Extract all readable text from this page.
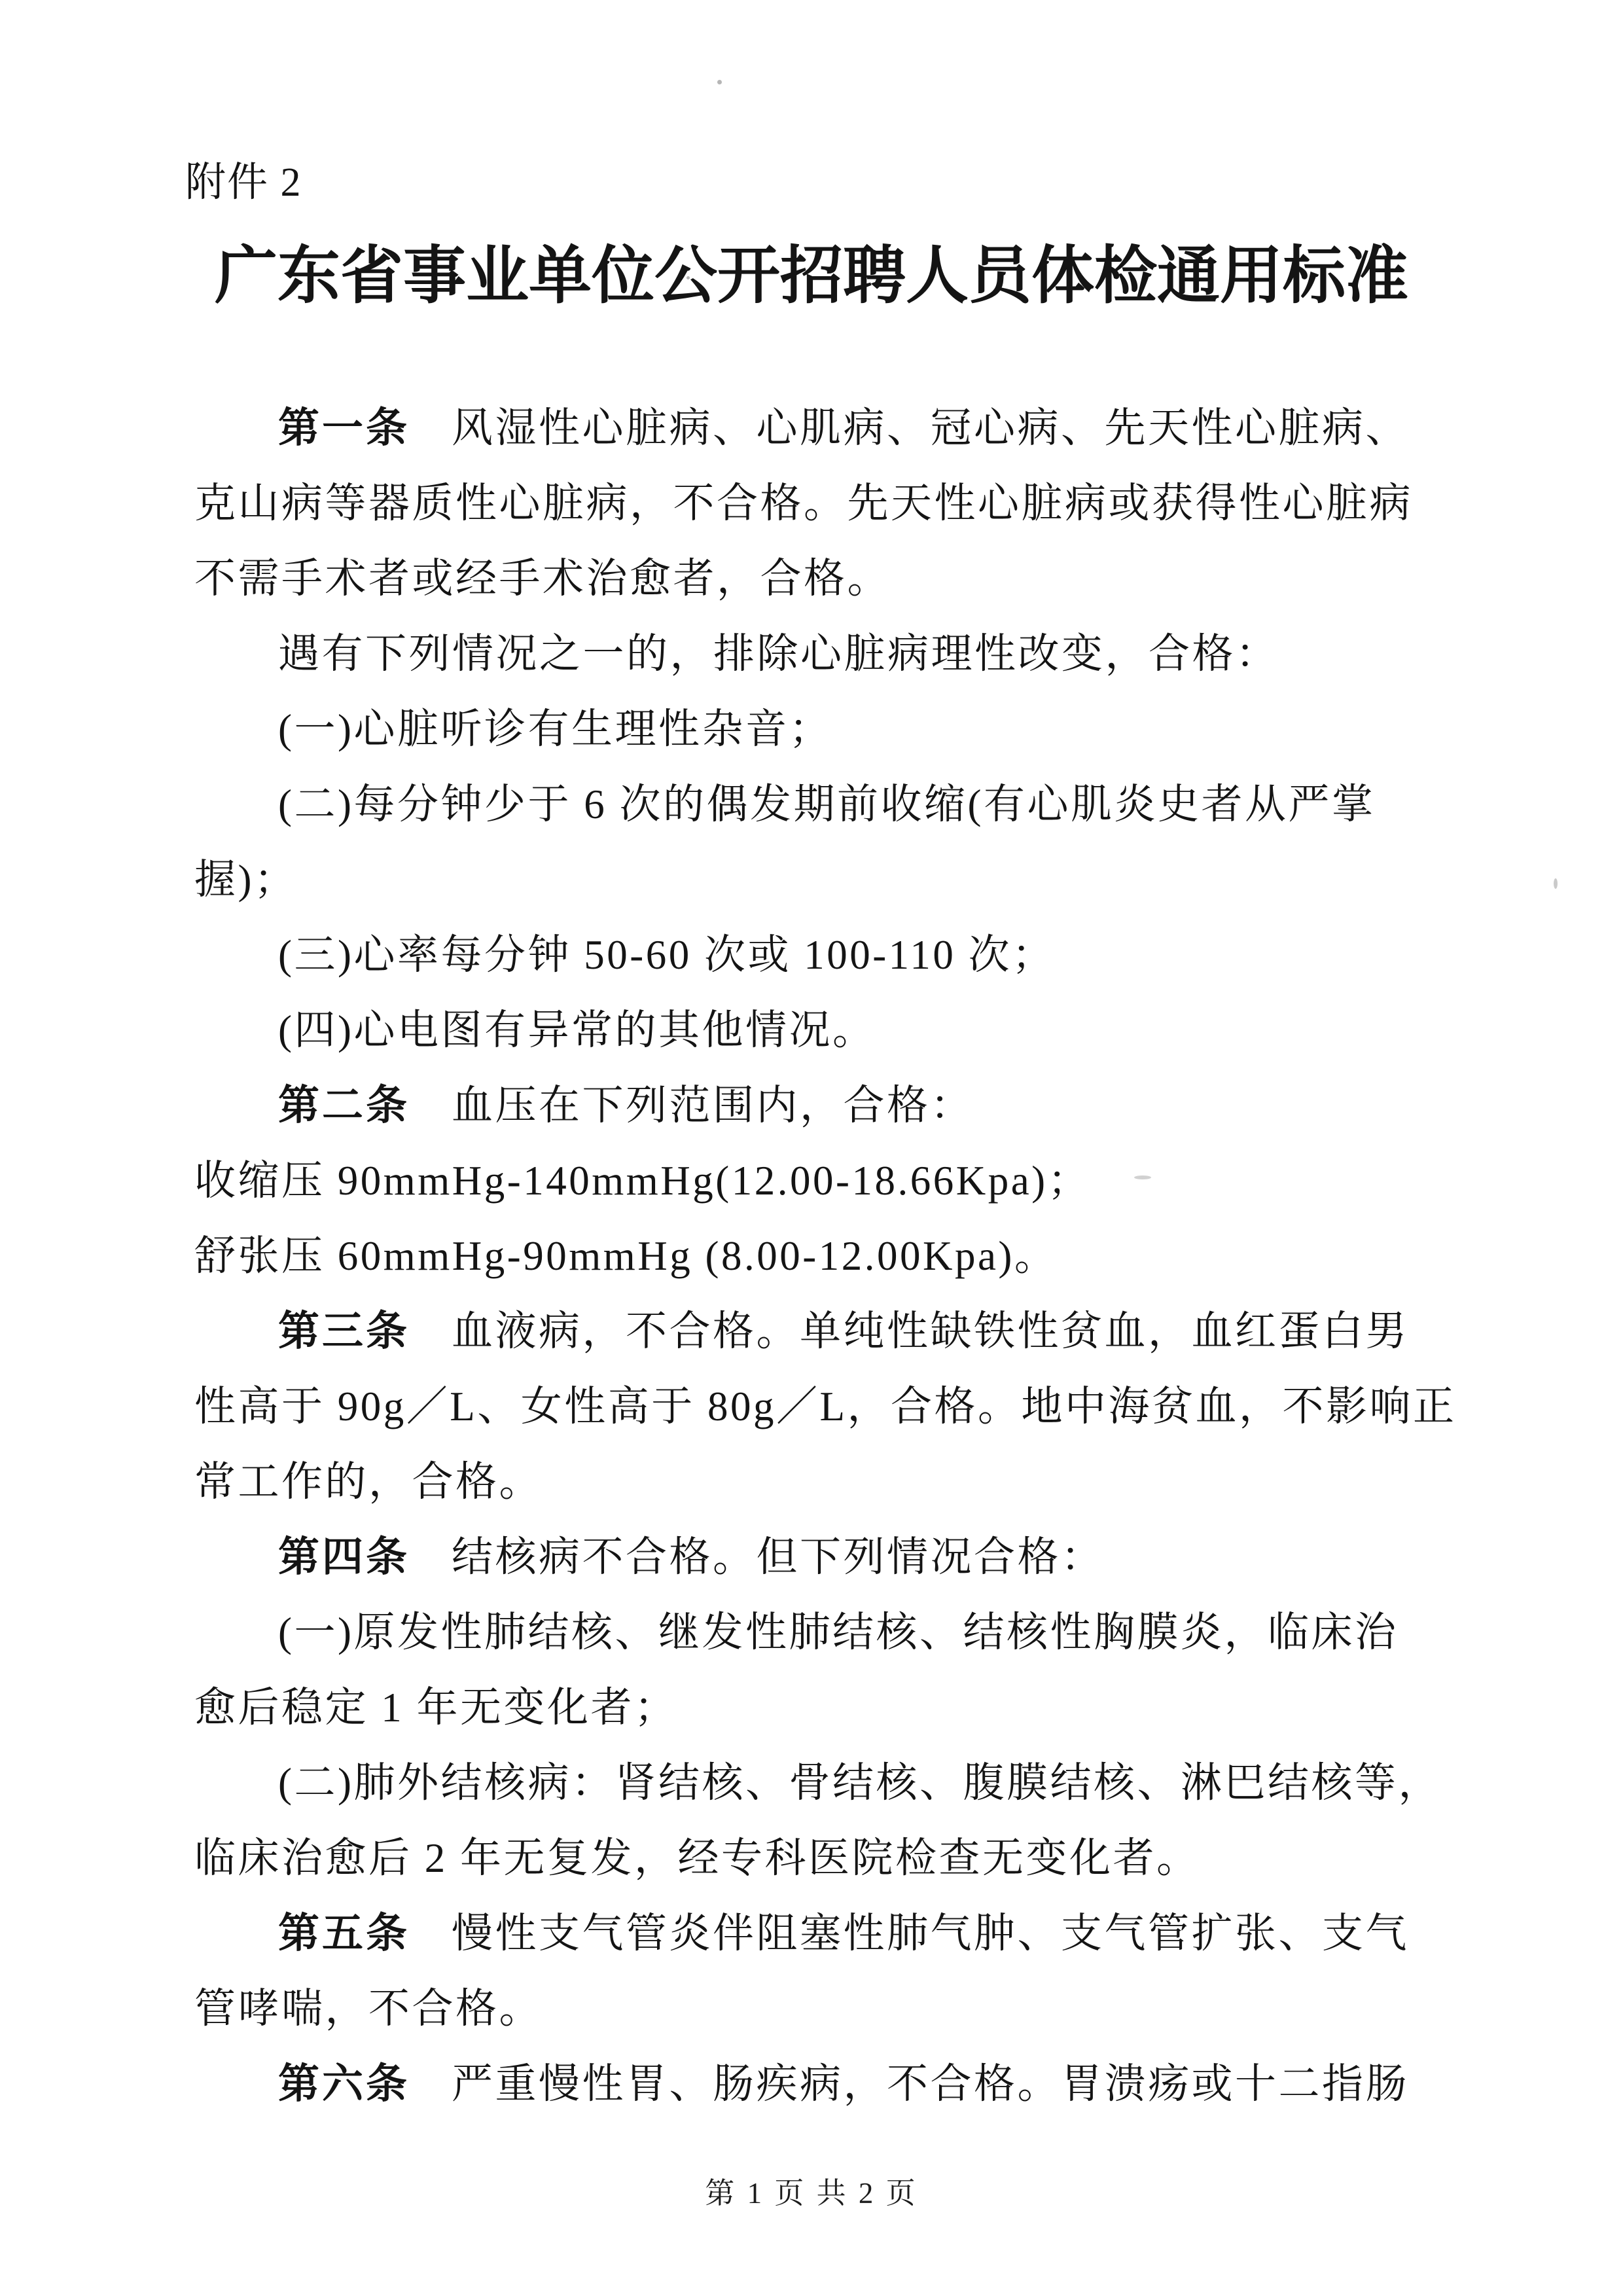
附件 2
广东省事业单位公开招聘人员体检通用标准
第一条 风湿性心脏病、心肌病、冠心病、先天性心脏病、
克山病等器质性心脏病，不合格。先天性心脏病或获得性心脏病
不需手术者或经手术治愈者，合格。
遇有下列情况之一的，排除心脏病理性改变，合格：
(一)心脏听诊有生理性杂音；
(二)每分钟少于 6 次的偶发期前收缩(有心肌炎史者从严掌
握)；
(三)心率每分钟 50-60 次或 100-110 次；
(四)心电图有异常的其他情况。
第二条 血压在下列范围内，合格：
收缩压 90mmHg-140mmHg(12.00-18.66Kpa)；
舒张压 60mmHg-90mmHg (8.00-12.00Kpa)。
第三条 血液病，不合格。单纯性缺铁性贫血，血红蛋白男
性高于 90g／L、女性高于 80g／L，合格。地中海贫血，不影响正
常工作的，合格。
第四条 结核病不合格。但下列情况合格：
(一)原发性肺结核、继发性肺结核、结核性胸膜炎，临床治
愈后稳定 1 年无变化者；
(二)肺外结核病：肾结核、骨结核、腹膜结核、淋巴结核等，
临床治愈后 2 年无复发，经专科医院检查无变化者。
第五条 慢性支气管炎伴阻塞性肺气肿、支气管扩张、支气
管哮喘，不合格。
第六条 严重慢性胃、肠疾病，不合格。胃溃疡或十二指肠
第 1 页 共 2 页
